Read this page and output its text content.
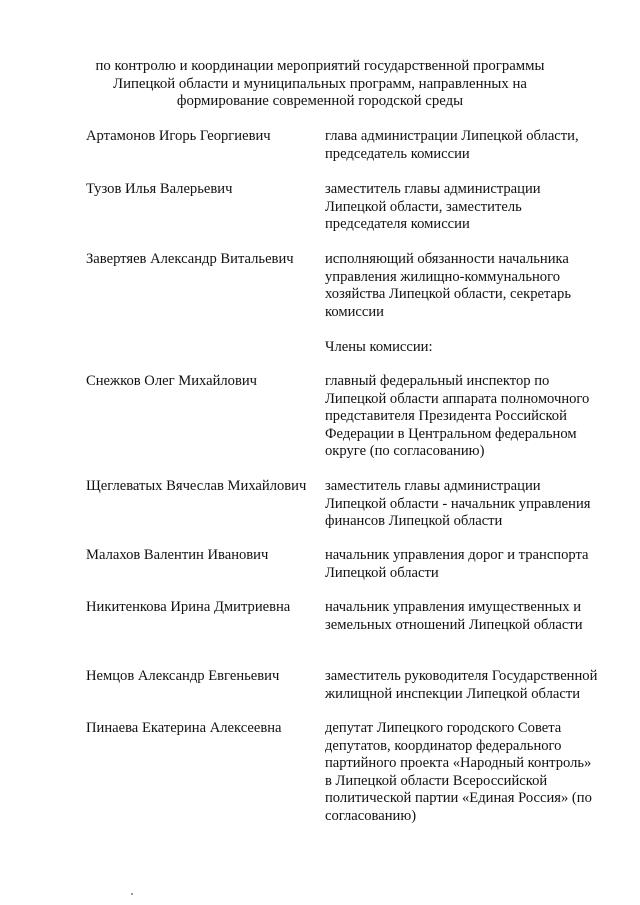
по контролю и координации мероприятий государственной программы
Липецкой области и муниципальных программ, направленных на
формирование современной городской среды
Артамонов Игорь Георгиевич	глава администрации Липецкой области,
председатель комиссии
Тузов Илья Валерьевич	заместитель главы администрации
Липецкой области, заместитель
председателя комиссии
Завертяев Александр Витальевич	исполняющий обязанности начальника
управления жилищно-коммунального
хозяйства Липецкой области, секретарь
комиссии
Члены комиссии:
Снежков Олег Михайлович	главный федеральный инспектор по
Липецкой области аппарата полномочного
представителя Президента Российской
Федерации в Центральном федеральном
округе (по согласованию)
Щеглеватых Вячеслав Михайлович	заместитель главы администрации
Липецкой области - начальник управления
финансов Липецкой области
Малахов Валентин Иванович	начальник управления дорог и транспорта
Липецкой области
Никитенкова Ирина Дмитриевна	начальник управления имущественных и
земельных отношений Липецкой области
Немцов Александр Евгеньевич	заместитель руководителя Государственной
жилищной инспекции Липецкой области
Пинаева Екатерина Алексеевна	депутат Липецкого городского Совета
депутатов, координатор федерального
партийного проекта «Народный контроль»
в Липецкой области Всероссийской
политической партии «Единая Россия» (по
согласованию)
